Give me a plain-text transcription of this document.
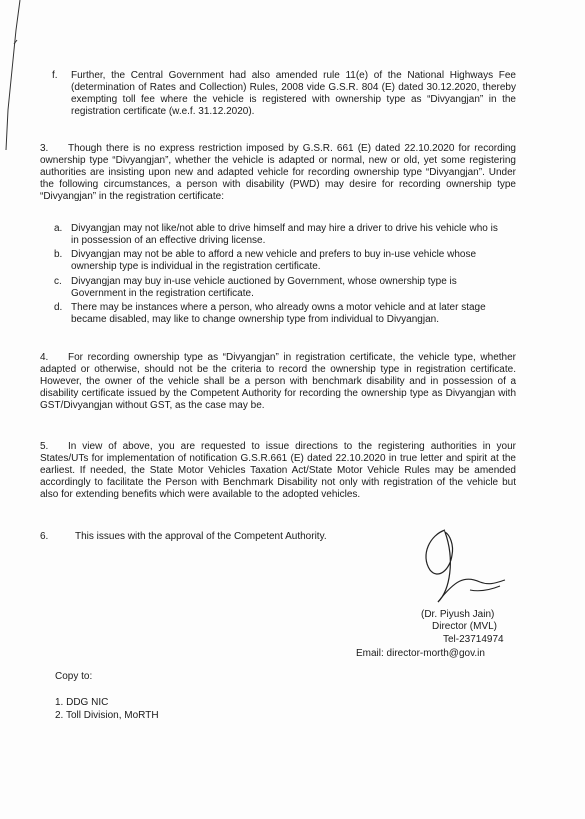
f. Further, the Central Government had also amended rule 11(e) of the National Highways Fee (determination of Rates and Collection) Rules, 2008 vide G.S.R. 804 (E) dated 30.12.2020, thereby exempting toll fee where the vehicle is registered with ownership type as “Divyangjan” in the registration certificate (w.e.f. 31.12.2020).
3.	Though there is no express restriction imposed by G.S.R. 661 (E) dated 22.10.2020 for recording ownership type “Divyangjan”, whether the vehicle is adapted or normal, new or old, yet some registering authorities are insisting upon new and adapted vehicle for recording ownership type “Divyangjan”. Under the following circumstances, a person with disability (PWD) may desire for recording ownership type “Divyangjan” in the registration certificate:
a. Divyangjan may not like/not able to drive himself and may hire a driver to drive his vehicle who is in possession of an effective driving license.
b. Divyangjan may not be able to afford a new vehicle and prefers to buy in-use vehicle whose ownership type is individual in the registration certificate.
c. Divyangjan may buy in-use vehicle auctioned by Government, whose ownership type is Government in the registration certificate.
d. There may be instances where a person, who already owns a motor vehicle and at later stage became disabled, may like to change ownership type from individual to Divyangjan.
4.	For recording ownership type as “Divyangjan” in registration certificate, the vehicle type, whether adapted or otherwise, should not be the criteria to record the ownership type in registration certificate. However, the owner of the vehicle shall be a person with benchmark disability and in possession of a disability certificate issued by the Competent Authority for recording the ownership type as Divyangjan with GST/Divyangjan without GST, as the case may be.
5.	In view of above, you are requested to issue directions to the registering authorities in your States/UTs for implementation of notification G.S.R.661 (E) dated 22.10.2020 in true letter and spirit at the earliest. If needed, the State Motor Vehicles Taxation Act/State Motor Vehicle Rules may be amended accordingly to facilitate the Person with Benchmark Disability not only with registration of the vehicle but also for extending benefits which were available to the adopted vehicles.
6.	This issues with the approval of the Competent Authority.
(Dr. Piyush Jain)
Director (MVL)
Tel-23714974
Email: director-morth@gov.in
Copy to:
1. DDG NIC
2. Toll Division, MoRTH
